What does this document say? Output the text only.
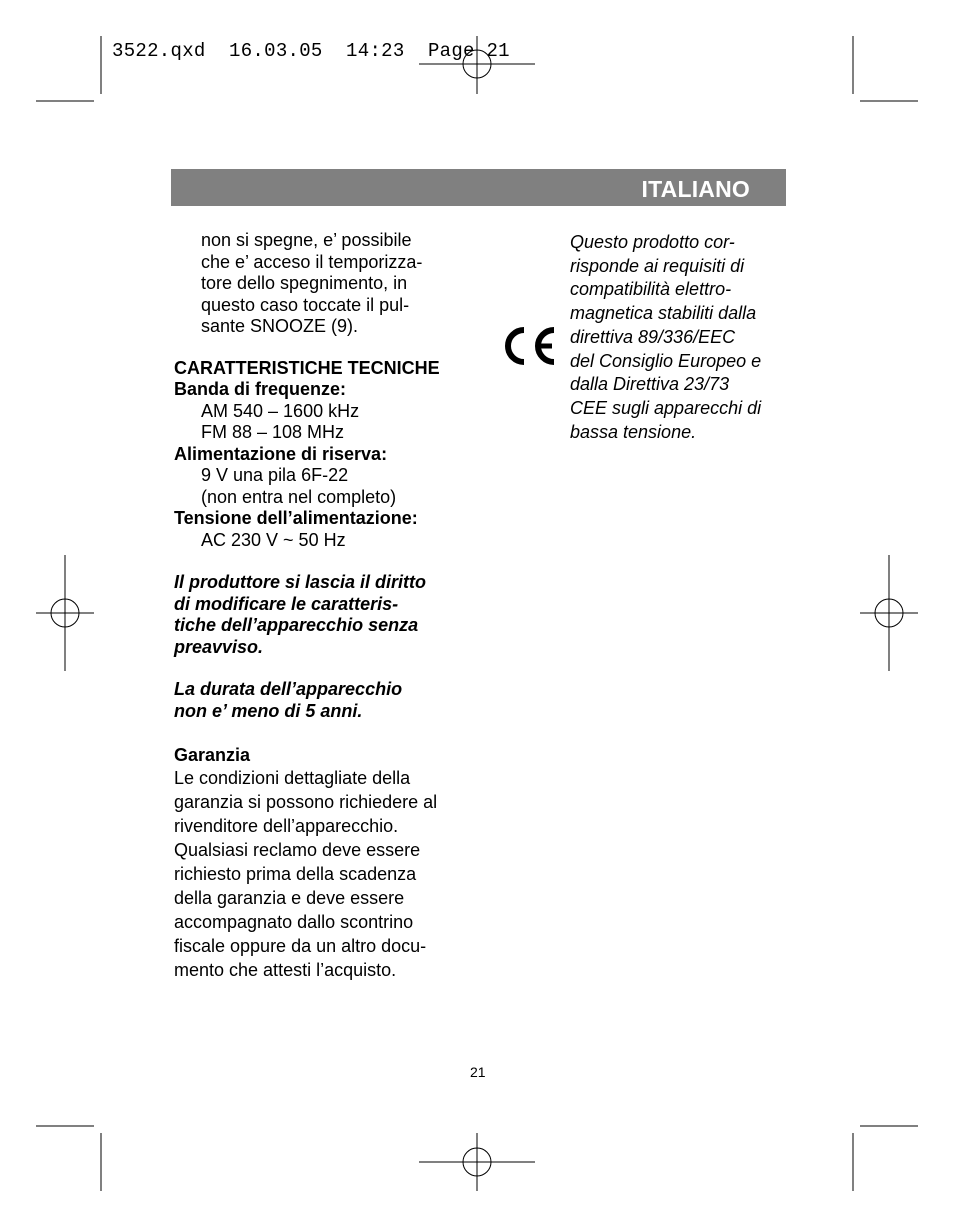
3522.qxd  16.03.05  14:23  Page 21
ITALIANO
non si spegne, e’ possibile
che e’ acceso il temporizza-
tore dello spegnimento, in
questo caso toccate il pul-
sante SNOOZE (9).
CARATTERISTICHE TECNICHE
Banda di frequenze:
AM 540 – 1600 kHz
FM 88 – 108 MHz
Alimentazione di riserva:
9 V una pila 6F-22
(non entra nel completo)
Tensione dell’alimentazione:
AC 230 V ~ 50 Hz
Il produttore si lascia il diritto
di modificare le caratteris-
tiche dell’apparecchio senza
preavviso.
La durata dell’apparecchio
non e’ meno di 5 anni.
Garanzia
Le condizioni dettagliate della
garanzia si possono richiedere al
rivenditore dell’apparecchio.
Qualsiasi reclamo deve essere
richiesto prima della scadenza
della garanzia e deve essere
accompagnato dallo scontrino
fiscale oppure da un altro docu-
mento che attesti l’acquisto.
Questo prodotto cor-
risponde ai requisiti di
compatibilità elettro-
magnetica stabiliti dalla
direttiva 89/336/EEC
del Consiglio Europeo e
dalla Direttiva 23/73
CEE sugli apparecchi di
bassa tensione.
21
